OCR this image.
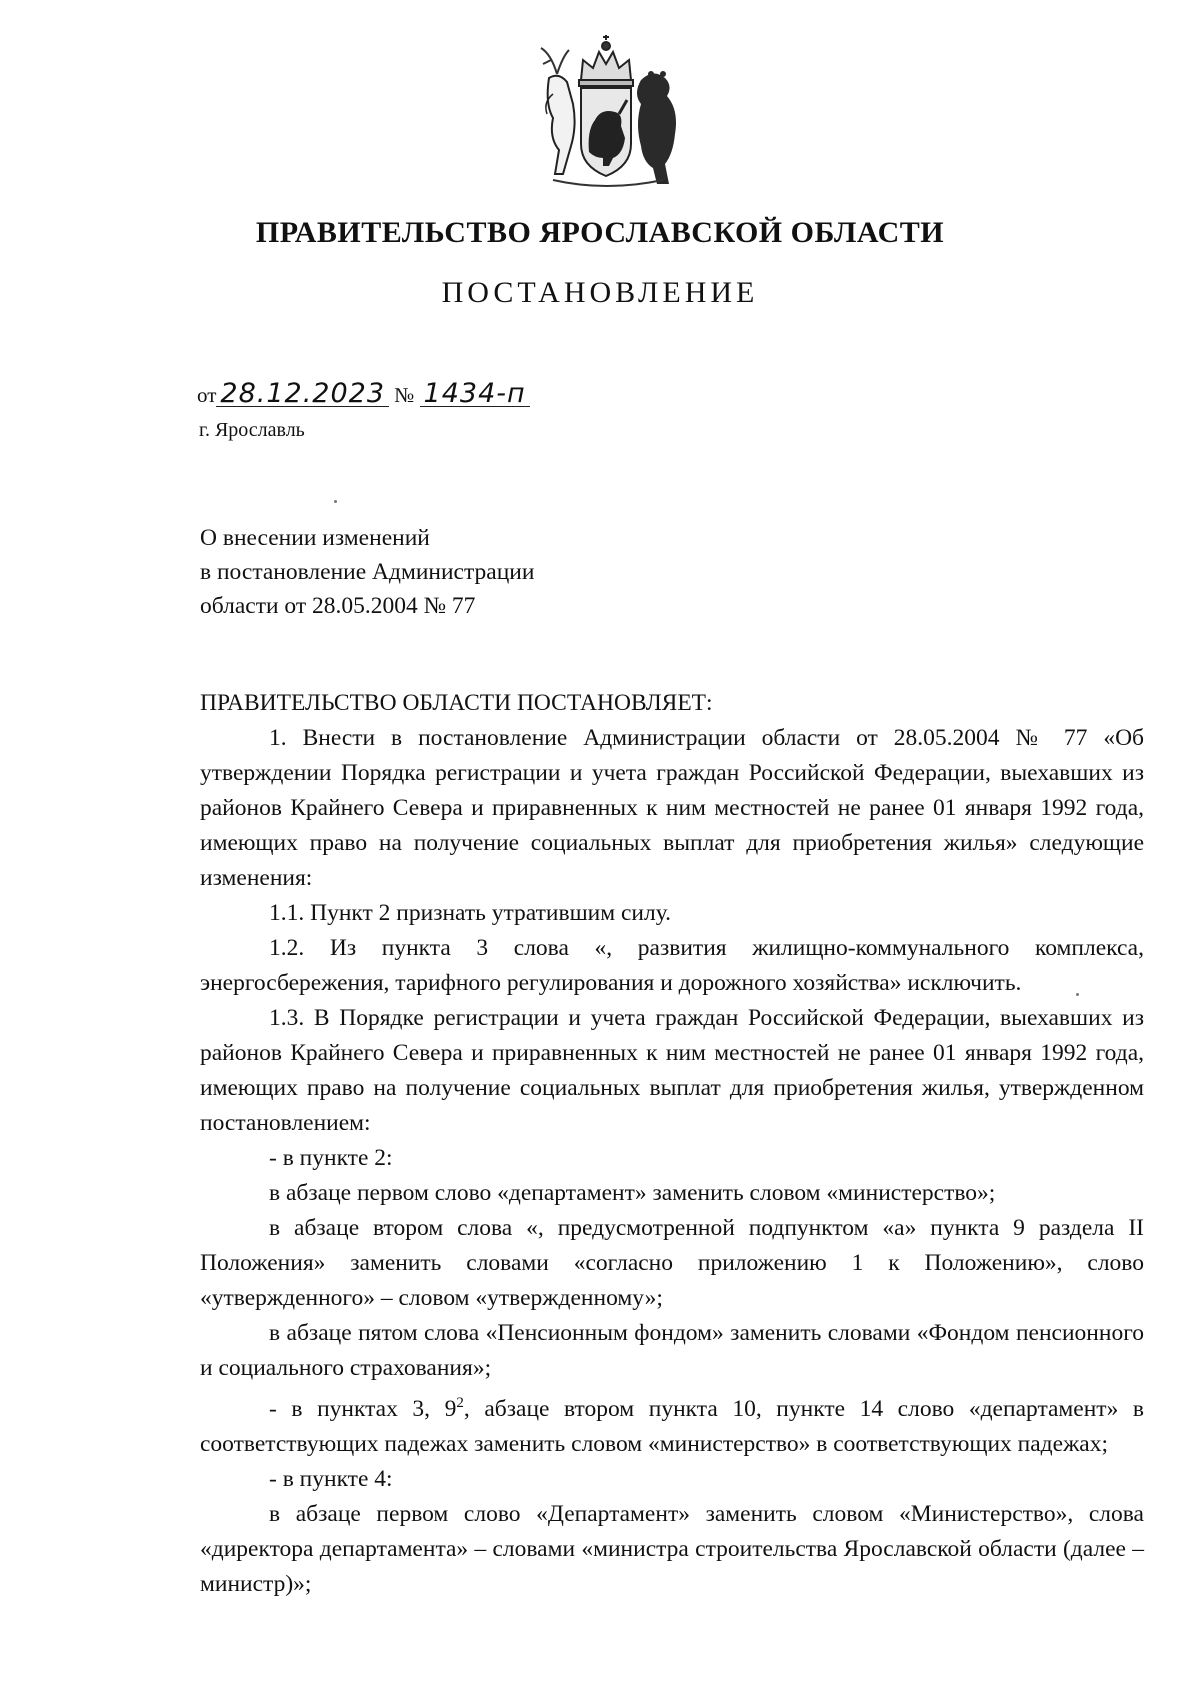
ПРАВИТЕЛЬСТВО ЯРОСЛАВСКОЙ ОБЛАСТИ
ПОСТАНОВЛЕНИЕ
от 28.12.2023 № 1434-п
г. Ярославль
О внесении изменений
в постановление Администрации
области от 28.05.2004 № 77

ПРАВИТЕЛЬСТВО ОБЛАСТИ ПОСТАНОВЛЯЕТ:

1. Внести в постановление Администрации области от 28.05.2004 № 77 «Об утверждении Порядка регистрации и учета граждан Российской Федерации, выехавших из районов Крайнего Севера и приравненных к ним местностей не ранее 01 января 1992 года, имеющих право на получение социальных выплат для приобретения жилья» следующие изменения:

1.1. Пункт 2 признать утратившим силу.

1.2. Из пункта 3 слова «, развития жилищно-коммунального комплекса, энергосбережения, тарифного регулирования и дорожного хозяйства» исключить.

1.3. В Порядке регистрации и учета граждан Российской Федерации, выехавших из районов Крайнего Севера и приравненных к ним местностей не ранее 01 января 1992 года, имеющих право на получение социальных выплат для приобретения жилья, утвержденном постановлением:

- в пункте 2:

в абзаце первом слово «департамент» заменить словом «министерство»;

в абзаце втором слова «, предусмотренной подпунктом «а» пункта 9 раздела II Положения» заменить словами «согласно приложению 1 к Положению», слово «утвержденного» – словом «утвержденному»;

в абзаце пятом слова «Пенсионным фондом» заменить словами «Фондом пенсионного и социального страхования»;

- в пунктах 3, $9^2$, абзаце втором пункта 10, пункте 14 слово «департамент» в соответствующих падежах заменить словом «министерство» в соответствующих падежах;

- в пункте 4:

в абзаце первом слово «Департамент» заменить словом «Министерство», слова «директора департамента» – словами «министра строительства Ярославской области (далее – министр)»;
